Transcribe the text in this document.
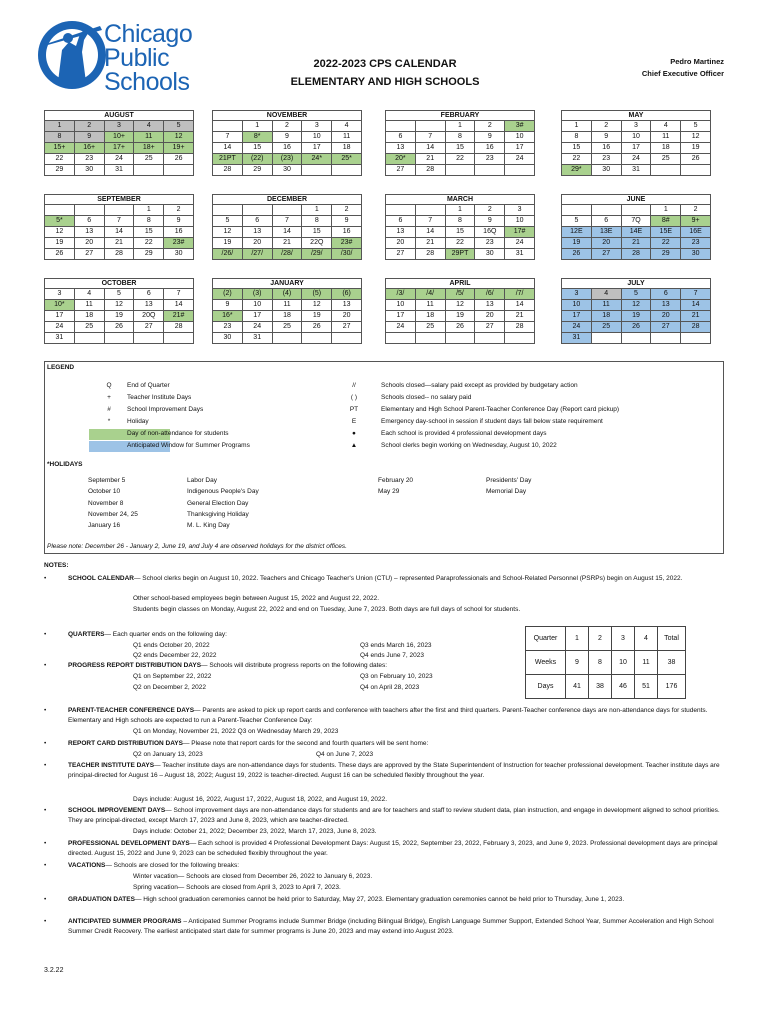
Chicago
Public
Schools
2022-2023 CPS CALENDAR
ELEMENTARY AND HIGH SCHOOLS
Pedro Martinez
Chief Executive Officer
AUGUST
1	2	3	4	5
8	9	10+	11	12
15+	16+	17+	18+	19+
22	23	24	25	26
29	30	31		
SEPTEMBER
			1	2
5*	6	7	8	9
12	13	14	15	16
19	20	21	22	23#
26	27	28	29	30
OCTOBER
3	4	5	6	7
10*	11	12	13	14
17	18	19	20Q	21#
24	25	26	27	28
31				
NOVEMBER
	1	2	3	4
7	8*	9	10	11
14	15	16	17	18
21PT	(22)	(23)	24*	25*
28	29	30		
DECEMBER
			1	2
5	6	7	8	9
12	13	14	15	16
19	20	21	22Q	23#
/26/	/27/	/28/	/29/	/30/
JANUARY
(2)	(3)	(4)	(5)	(6)
9	10	11	12	13
16*	17	18	19	20
23	24	25	26	27
30	31			
FEBRUARY
		1	2	3#
6	7	8	9	10
13	14	15	16	17
20*	21	22	23	24
27	28			
MARCH
		1	2	3
6	7	8	9	10
13	14	15	16Q	17#
20	21	22	23	24
27	28	29PT	30	31
APRIL
/3/	/4/	/5/	/6/	/7/
10	11	12	13	14
17	18	19	20	21
24	25	26	27	28

MAY
1	2	3	4	5
8	9	10	11	12
15	16	17	18	19
22	23	24	25	26
29*	30	31		
JUNE
			1	2
5	6	7Q	8#	9+
12E	13E	14E	15E	16E
19	20	21	22	23
26	27	28	29	30
JULY
3	4	5	6	7
10	11	12	13	14
17	18	19	20	21
24	25	26	27	28
31				
LEGEND
Q	End of Quarter
+	Teacher Institute Days
#	School Improvement Days
*	Holiday
Day of non-attendance for students
Anticipated Window for Summer Programs
//	Schools closed—salary paid except as provided by budgetary action
( )	Schools closed-- no salary paid
PT	Elementary and High School Parent-Teacher Conference Day (Report card pickup)
E	Emergency day-school in session if student days fall below state requirement
●	Each school is provided 4 professional development days
▲	School clerks begin working on Wednesday, August 10, 2022
*HOLIDAYS
September 5	Labor Day
October 10	Indigenous People's Day
November 8	General Election Day
November 24, 25	Thanksgiving Holiday
January 16	M. L. King Day
February 20	Presidents' Day
May 29	Memorial Day
Please note: December 26 - January 2, June 19, and July 4 are observed holidays for the district offices.
NOTES:
•	SCHOOL CALENDAR— School clerks begin on August 10, 2022. Teachers and Chicago Teacher's Union (CTU) – represented Paraprofessionals and School-Related Personnel (PSRPs) begin on August 15, 2022.
Other school-based employees begin between August 15, 2022 and August 22, 2022.
Students begin classes on Monday, August 22, 2022 and end on Tuesday, June 7, 2023. Both days are full days of school for students.
•	QUARTERS— Each quarter ends on the following day:
Q1 ends October 20, 2022	Q3 ends March 16, 2023
Q2 ends December 22, 2022	Q4 ends June 7, 2023
•	PROGRESS REPORT DISTRIBUTION DAYS— Schools will distribute progress reports on the following dates:
Q1 on September 22, 2022	Q3 on February 10, 2023
Q2 on December 2, 2022	Q4 on April 28, 2023
•	PARENT-TEACHER CONFERENCE DAYS— Parents are asked to pick up report cards and conference with teachers after the first and third quarters. Parent-Teacher conference days are non-attendance days for students. Elementary and High schools are expected to run a Parent-Teacher Conference Day:
Q1 on Monday, November 21, 2022 Q3 on Wednesday March 29, 2023
•	REPORT CARD DISTRIBUTION DAYS— Please note that report cards for the second and fourth quarters will be sent home:
Q2 on January 13, 2023	Q4 on June 7, 2023
•	TEACHER INSTITUTE DAYS— Teacher institute days are non-attendance days for students. These days are approved by the State Superintendent of Instruction for teacher professional development. Teacher institute days are principal-directed for August 16 – August 18, 2022; August 19, 2022 is teacher-directed. August 16 can be scheduled flexibly throughout the year.
Days include: August 16, 2022, August 17, 2022, August 18, 2022, and August 19, 2022.
•	SCHOOL IMPROVEMENT DAYS— School improvement days are non-attendance days for students and are for teachers and staff to review student data, plan instruction, and engage in development aligned to school priorities. They are principal-directed, except March 17, 2023 and June 8, 2023, which are teacher-directed.
Days include: October 21, 2022; December 23, 2022, March 17, 2023, June 8, 2023.
•	PROFESSIONAL DEVELOPMENT DAYS— Each school is provided 4 Professional Development Days: August 15, 2022, September 23, 2022, February 3, 2023, and June 9, 2023. Professional development days are principal directed. August 15, 2022 and June 9, 2023 can be scheduled flexibly throughout the year.
•	VACATIONS— Schools are closed for the following breaks:
Winter vacation— Schools are closed from December 26, 2022 to January 6, 2023.
Spring vacation— Schools are closed from April 3, 2023 to April 7, 2023.
•	GRADUATION DATES— High school graduation ceremonies cannot be held prior to Saturday, May 27, 2023. Elementary graduation ceremonies cannot be held prior to Thursday, June 1, 2023.
•	ANTICIPATED SUMMER PROGRAMS – Anticipated Summer Programs include Summer Bridge (including Bilingual Bridge), English Language Summer Support, Extended School Year, Summer Acceleration and High School Summer Credit Recovery. The earliest anticipated start date for summer programs is June 20, 2023 and may extend into August 2023.
Quarter	1	2	3	4	Total
Weeks	9	8	10	11	38
Days	41	38	46	51	176
3.2.22
